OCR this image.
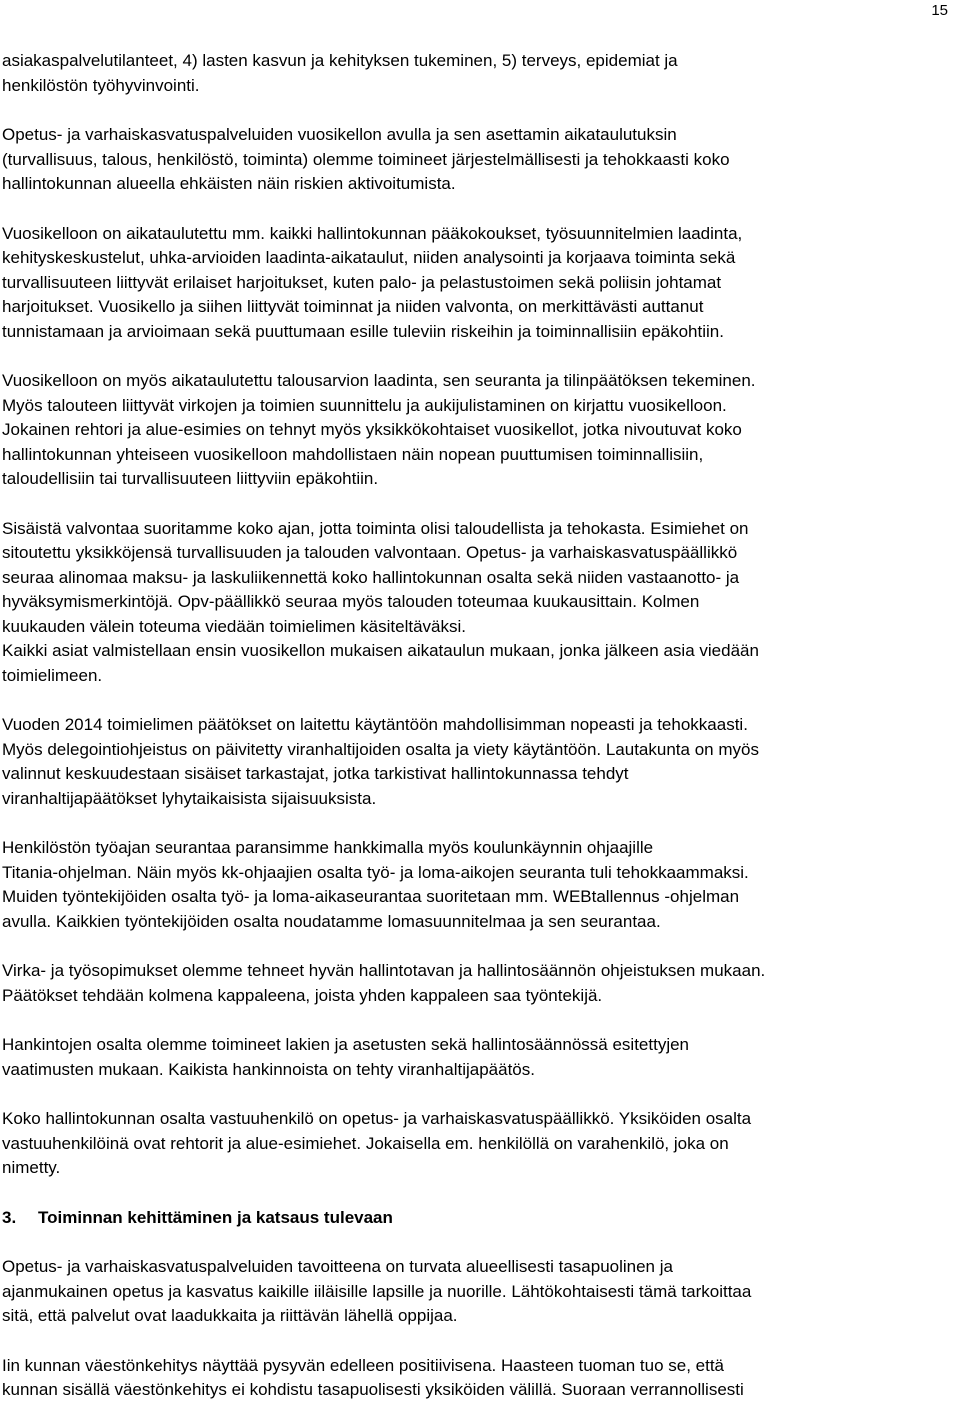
15
asiakaspalvelutilanteet, 4) lasten kasvun ja kehityksen tukeminen, 5) terveys, epidemiat ja
henkilöstön työhyvinvointi.
Opetus- ja varhaiskasvatuspalveluiden vuosikellon avulla ja sen asettamin aikataulutuksin
(turvallisuus, talous, henkilöstö, toiminta) olemme toimineet järjestelmällisesti ja tehokkaasti koko
hallintokunnan alueella ehkäisten näin riskien aktivoitumista.
Vuosikelloon on aikataulutettu mm. kaikki hallintokunnan pääkokoukset, työsuunnitelmien laadinta,
kehityskeskustelut, uhka-arvioiden laadinta-aikataulut, niiden analysointi ja korjaava toiminta sekä
turvallisuuteen liittyvät erilaiset harjoitukset, kuten palo- ja pelastustoimen sekä poliisin johtamat
harjoitukset. Vuosikello ja siihen liittyvät toiminnat ja niiden valvonta, on merkittävästi auttanut
tunnistamaan ja arvioimaan sekä puuttumaan esille tuleviin riskeihin ja toiminnallisiin epäkohtiin.
Vuosikelloon on myös aikataulutettu talousarvion laadinta, sen seuranta ja tilinpäätöksen tekeminen.
Myös talouteen liittyvät virkojen ja toimien suunnittelu ja aukijulistaminen on kirjattu vuosikelloon.
Jokainen rehtori ja alue-esimies on tehnyt myös yksikkökohtaiset vuosikellot, jotka nivoutuvat koko
hallintokunnan yhteiseen vuosikelloon mahdollistaen näin nopean puuttumisen toiminnallisiin,
taloudellisiin tai turvallisuuteen liittyviin epäkohtiin.
Sisäistä valvontaa suoritamme koko ajan, jotta toiminta olisi taloudellista ja tehokasta. Esimiehet on
sitoutettu yksikköjensä turvallisuuden ja talouden valvontaan. Opetus- ja varhaiskasvatuspäällikkö
seuraa alinomaa maksu- ja laskuliikennettä koko hallintokunnan osalta sekä niiden vastaanotto- ja
hyväksymismerkintöjä. Opv-päällikkö seuraa myös talouden toteumaa kuukausittain. Kolmen
kuukauden välein toteuma viedään toimielimen käsiteltäväksi.
Kaikki asiat valmistellaan ensin vuosikellon mukaisen aikataulun mukaan, jonka jälkeen asia viedään
toimielimeen.
Vuoden 2014 toimielimen päätökset on laitettu käytäntöön mahdollisimman nopeasti ja tehokkaasti.
Myös delegointiohjeistus on päivitetty viranhaltijoiden osalta ja viety käytäntöön. Lautakunta on myös
valinnut keskuudestaan sisäiset tarkastajat, jotka tarkistivat hallintokunnassa tehdyt
viranhaltijapäätökset lyhytaikaisista sijaisuuksista.
Henkilöstön työajan seurantaa paransimme hankkimalla myös koulunkäynnin ohjaajille
Titania-ohjelman. Näin myös kk-ohjaajien osalta työ- ja loma-aikojen seuranta tuli tehokkaammaksi.
Muiden työntekijöiden osalta työ- ja loma-aikaseurantaa suoritetaan mm. WEBtallennus -ohjelman
avulla. Kaikkien työntekijöiden osalta noudatamme lomasuunnitelmaa ja sen seurantaa.
Virka- ja työsopimukset olemme tehneet hyvän hallintotavan ja hallintosäännön ohjeistuksen mukaan.
Päätökset tehdään kolmena kappaleena, joista yhden kappaleen saa työntekijä.
Hankintojen osalta olemme toimineet lakien ja asetusten sekä hallintosäännössä esitettyjen
vaatimusten mukaan. Kaikista hankinnoista on tehty viranhaltijapäätös.
Koko hallintokunnan osalta vastuuhenkilö on opetus- ja varhaiskasvatuspäällikkö. Yksiköiden osalta
vastuuhenkilöinä ovat rehtorit ja alue-esimiehet. Jokaisella em. henkilöllä on varahenkilö, joka on
nimetty.
3. Toiminnan kehittäminen ja katsaus tulevaan
Opetus- ja varhaiskasvatuspalveluiden tavoitteena on turvata alueellisesti tasapuolinen ja
ajanmukainen opetus ja kasvatus kaikille iiläisille lapsille ja nuorille. Lähtökohtaisesti tämä tarkoittaa
sitä, että palvelut ovat laadukkaita ja riittävän lähellä oppijaa.
Iin kunnan väestönkehitys näyttää pysyvän edelleen positiivisena. Haasteen tuoman tuo se, että
kunnan sisällä väestönkehitys ei kohdistu tasapuolisesti yksiköiden välillä. Suoraan verrannollisesti
